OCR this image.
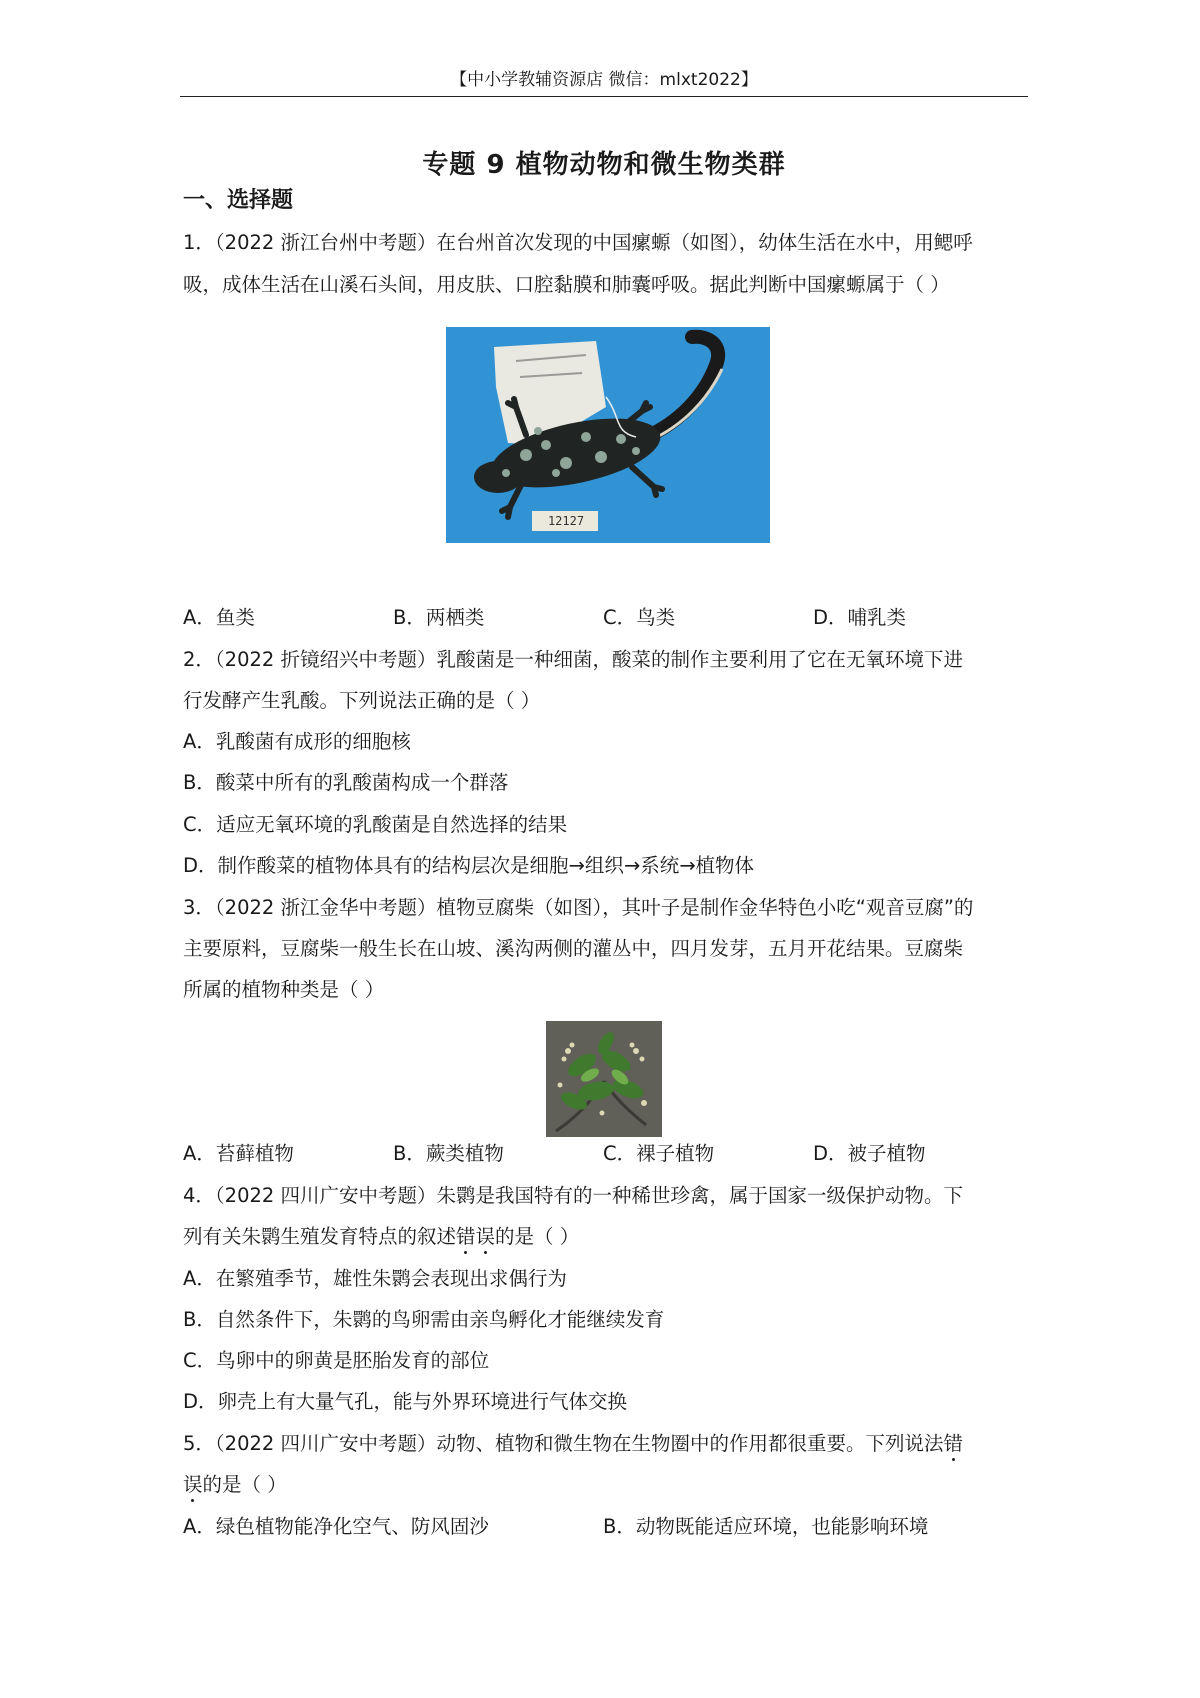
【中小学教辅资源店 微信：mlxt2022】
专题 9 植物动物和微生物类群
一、选择题
1．（2022 浙江台州中考题）在台州首次发现的中国瘰螈（如图），幼体生活在水中，用鳃呼
吸，成体生活在山溪石头间，用皮肤、口腔黏膜和肺囊呼吸。据此判断中国瘰螈属于（ ）
12127
A．鱼类	B．两栖类	C．鸟类	D．哺乳类
2．（2022 折镜绍兴中考题）乳酸菌是一种细菌，酸菜的制作主要利用了它在无氧环境下进
行发酵产生乳酸。下列说法正确的是（ ）
A．乳酸菌有成形的细胞核
B．酸菜中所有的乳酸菌构成一个群落
C．适应无氧环境的乳酸菌是自然选择的结果
D．制作酸菜的植物体具有的结构层次是细胞→组织→系统→植物体
3．（2022 浙江金华中考题）植物豆腐柴（如图），其叶子是制作金华特色小吃“观音豆腐”的
主要原料，豆腐柴一般生长在山坡、溪沟两侧的灌丛中，四月发芽，五月开花结果。豆腐柴
所属的植物种类是（ ）
A．苔藓植物	B．蕨类植物	C．裸子植物	D．被子植物
4．（2022 四川广安中考题）朱鹮是我国特有的一种稀世珍禽，属于国家一级保护动物。下
列有关朱鹮生殖发育特点的叙述错误的是（ ）
A．在繁殖季节，雄性朱鹮会表现出求偶行为
B．自然条件下，朱鹮的鸟卵需由亲鸟孵化才能继续发育
C．鸟卵中的卵黄是胚胎发育的部位
D．卵壳上有大量气孔，能与外界环境进行气体交换
5．（2022 四川广安中考题）动物、植物和微生物在生物圈中的作用都很重要。下列说法错
误的是（ ）
A．绿色植物能净化空气、防风固沙	B．动物既能适应环境，也能影响环境
